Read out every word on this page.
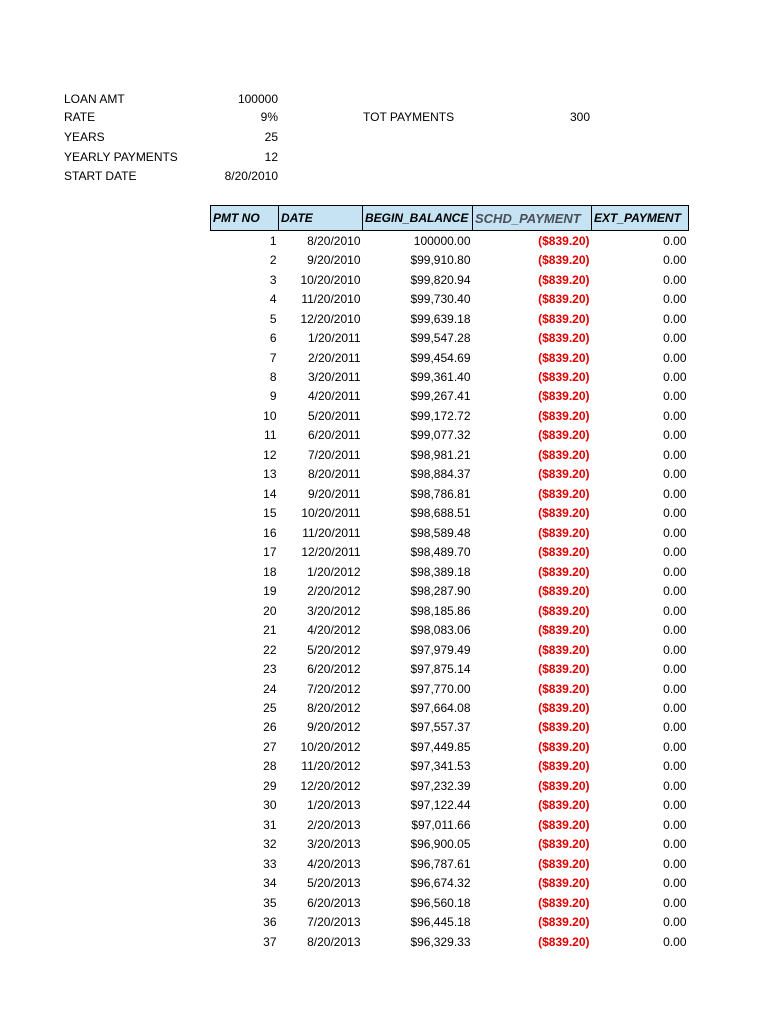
LOAN AMT	100000
RATE	9%
YEARS	25
YEARLY PAYMENTS	12
START DATE	8/20/2010
TOT PAYMENTS	300
PMT NO	DATE	BEGIN_BALANCE	SCHD_PAYMENT	EXT_PAYMENT
1	8/20/2010	100000.00	($839.20)	0.00
2	9/20/2010	$99,910.80	($839.20)	0.00
3	10/20/2010	$99,820.94	($839.20)	0.00
4	11/20/2010	$99,730.40	($839.20)	0.00
5	12/20/2010	$99,639.18	($839.20)	0.00
6	1/20/2011	$99,547.28	($839.20)	0.00
7	2/20/2011	$99,454.69	($839.20)	0.00
8	3/20/2011	$99,361.40	($839.20)	0.00
9	4/20/2011	$99,267.41	($839.20)	0.00
10	5/20/2011	$99,172.72	($839.20)	0.00
11	6/20/2011	$99,077.32	($839.20)	0.00
12	7/20/2011	$98,981.21	($839.20)	0.00
13	8/20/2011	$98,884.37	($839.20)	0.00
14	9/20/2011	$98,786.81	($839.20)	0.00
15	10/20/2011	$98,688.51	($839.20)	0.00
16	11/20/2011	$98,589.48	($839.20)	0.00
17	12/20/2011	$98,489.70	($839.20)	0.00
18	1/20/2012	$98,389.18	($839.20)	0.00
19	2/20/2012	$98,287.90	($839.20)	0.00
20	3/20/2012	$98,185.86	($839.20)	0.00
21	4/20/2012	$98,083.06	($839.20)	0.00
22	5/20/2012	$97,979.49	($839.20)	0.00
23	6/20/2012	$97,875.14	($839.20)	0.00
24	7/20/2012	$97,770.00	($839.20)	0.00
25	8/20/2012	$97,664.08	($839.20)	0.00
26	9/20/2012	$97,557.37	($839.20)	0.00
27	10/20/2012	$97,449.85	($839.20)	0.00
28	11/20/2012	$97,341.53	($839.20)	0.00
29	12/20/2012	$97,232.39	($839.20)	0.00
30	1/20/2013	$97,122.44	($839.20)	0.00
31	2/20/2013	$97,011.66	($839.20)	0.00
32	3/20/2013	$96,900.05	($839.20)	0.00
33	4/20/2013	$96,787.61	($839.20)	0.00
34	5/20/2013	$96,674.32	($839.20)	0.00
35	6/20/2013	$96,560.18	($839.20)	0.00
36	7/20/2013	$96,445.18	($839.20)	0.00
37	8/20/2013	$96,329.33	($839.20)	0.00
